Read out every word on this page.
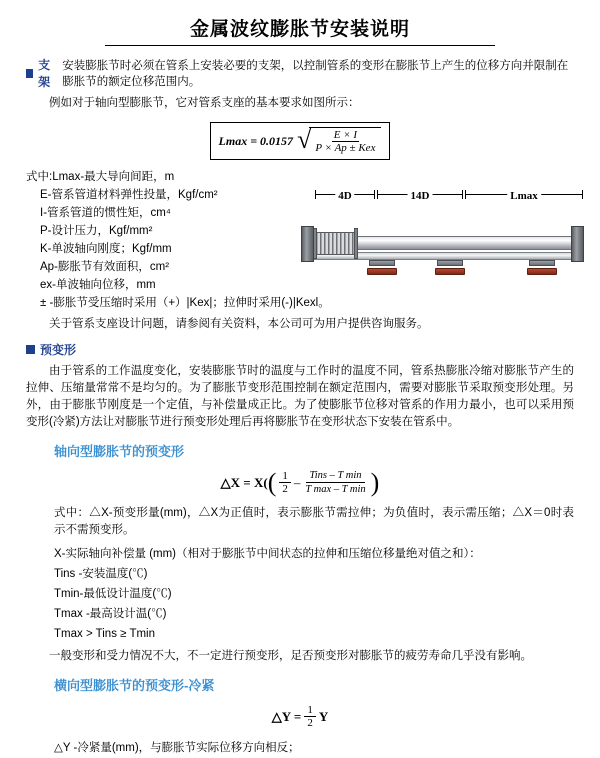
金属波纹膨胀节安装说明
支架
安装膨胀节时必须在管系上安装必要的支架，以控制管系的变形在膨胀节上产生的位移方向并限制在膨胀节的额定位移范围内。

例如对于轴向型膨胀节，它对管系支座的基本要求如图所示：

Lmax = 0.0157 √
$\frac{E \times I}{\text{P × Ap ± Kex}}$
式中:Lmax-最大导向间距，m
E-管系管道材料弹性投量，Kgf/cm²
I-管系管道的惯性矩，cm⁴
P-设计压力，Kgf/mm²
K-单波轴向刚度；Kgf/mm
Ap-膨胀节有效面积，cm²
ex-单波轴向位移，mm
± -膨胀节受压缩时采用（+）|Kex|；拉伸时采用(-)|Kexl。
4D	14D	Lmax

关于管系支座设计问题，请参阅有关资料，本公司可为用户提供咨询服务。

预变形

由于管系的工作温度变化，安装膨胀节时的温度与工作时的温度不同，管系热膨胀冷缩对膨胀节产生的拉伸、压缩量常常不是均匀的。为了膨胀节变形范围控制在额定范围内，需要对膨胀节采取预变形处理。另外，由于膨胀节刚度是一个定值，与补偿量成正比。为了使膨胀节位移对管系的作用力最小，也可以采用预变形(冷紧)方法让对膨胀节进行预变形处理后再将膨胀节在变形状态下安装在管系中。

轴向型膨胀节的预变形
△X = X( ( 1
2 – Tins – T min
T max – T min )

式中：△X-预变形量(mm)，△X为正值时，表示膨胀节需拉伸；为负值时，表示需压缩；△X＝0时表示不需预变形。

X-实际轴向补偿量 (mm)（相对于膨胀节中间状态的拉伸和压缩位移量绝对值之和）：
Tins -安装温度(℃)
Tmin-最低设计温度(℃)
Tmax -最高设计温(℃)
Tmax > Tins ≥ Tmin

一般变形和受力情况不大，不一定进行预变形，足否预变形对膨胀节的疲劳寿命几乎没有影响。

横向型膨胀节的预变形-冷紧
△Y = $\frac{1}{2}$ Y
△Y -冷紧量(mm)，与膨胀节实际位移方向相反；
